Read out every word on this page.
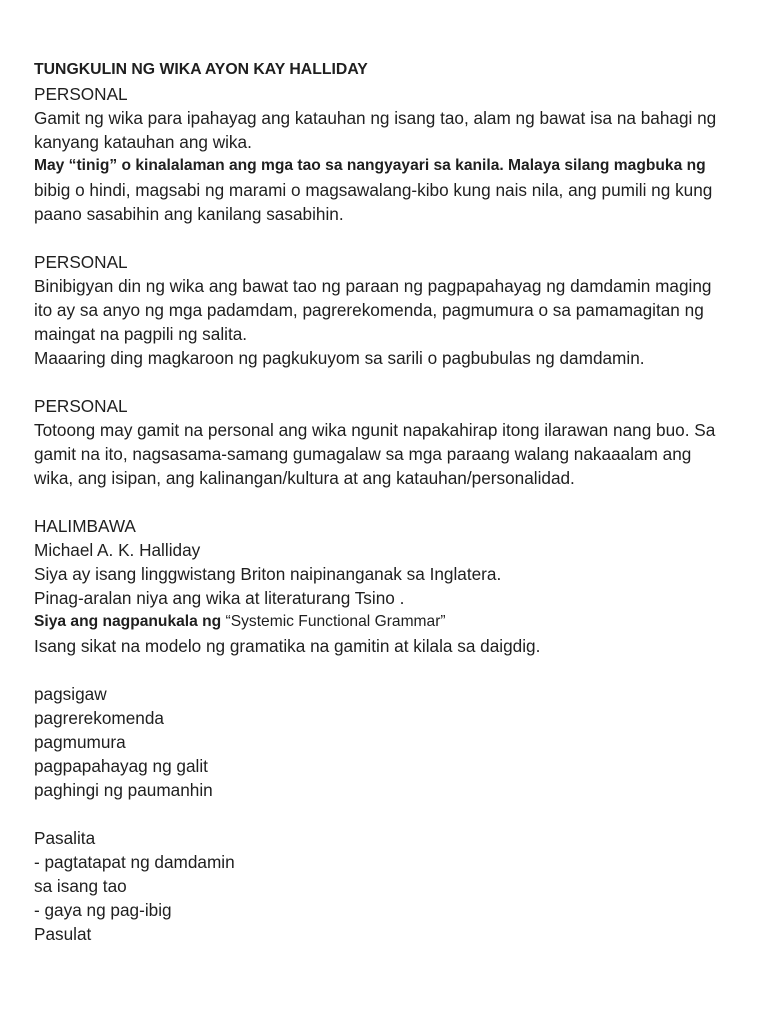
TUNGKULIN NG WIKA AYON KAY HALLIDAY
PERSONAL
Gamit ng wika para ipahayag ang katauhan ng isang tao, alam ng bawat isa na bahagi ng
kanyang katauhan ang wika.
May “tinig” o kinalalaman ang mga tao sa nangyayari sa kanila. Malaya silang magbuka ng
bibig o hindi, magsabi ng marami o magsawalang-kibo kung nais nila, ang pumili ng kung
paano sasabihin ang kanilang sasabihin.
PERSONAL
Binibigyan din ng wika ang bawat tao ng paraan ng pagpapahayag ng damdamin maging
ito ay sa anyo ng mga padamdam, pagrerekomenda, pagmumura o sa pamamagitan ng
maingat na pagpili ng salita.
Maaaring ding magkaroon ng pagkukuyom sa sarili o pagbubulas ng damdamin.
PERSONAL
Totoong may gamit na personal ang wika ngunit napakahirap itong ilarawan nang buo. Sa
gamit na ito, nagsasama-samang gumagalaw sa mga paraang walang nakaaalam ang
wika, ang isipan, ang kalinangan/kultura at ang katauhan/personalidad.
HALIMBAWA
Michael A. K. Halliday
Siya ay isang linggwistang Briton naipinanganak sa Inglatera.
Pinag-aralan niya ang wika at literaturang Tsino .
Siya ang nagpanukala ng “Systemic Functional Grammar”
Isang sikat na modelo ng gramatika na gamitin at kilala sa daigdig.
pagsigaw
pagrerekomenda
pagmumura
pagpapahayag ng galit
paghingi ng paumanhin
Pasalita
- pagtatapat ng damdamin
sa isang tao
- gaya ng pag-ibig
Pasulat
